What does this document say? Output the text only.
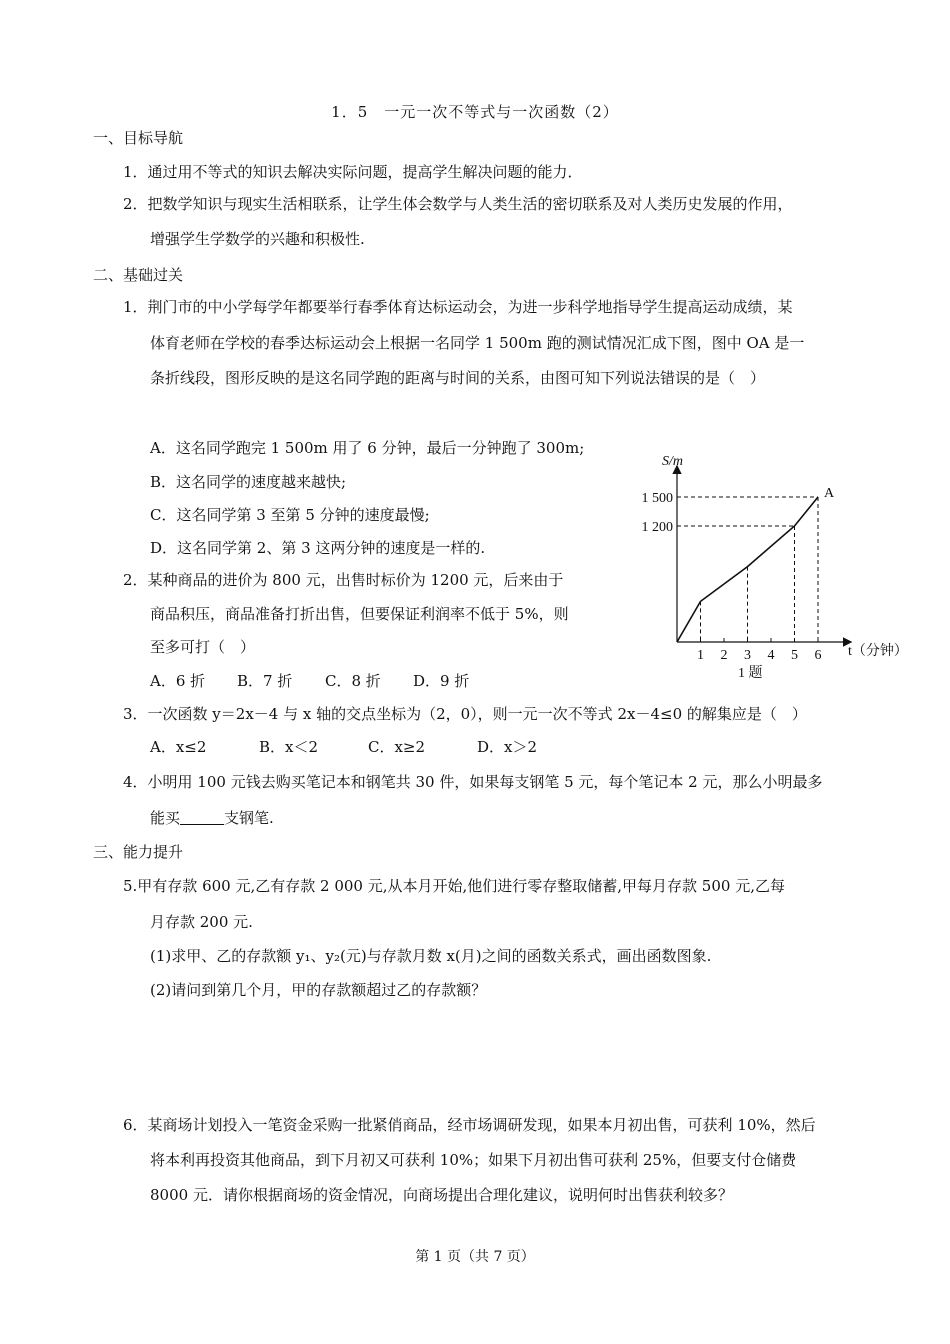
1．5　一元一次不等式与一次函数（2）
一、目标导航
1．通过用不等式的知识去解决实际问题，提高学生解决问题的能力．
2．把数学知识与现实生活相联系，让学生体会数学与人类生活的密切联系及对人类历史发展的作用，
增强学生学数学的兴趣和积极性.
二、基础过关
1．荆门市的中小学每学年都要举行春季体育达标运动会，为进一步科学地指导学生提高运动成绩，某
体育老师在学校的春季达标运动会上根据一名同学 1 500m 跑的测试情况汇成下图，图中 OA 是一
条折线段，图形反映的是这名同学跑的距离与时间的关系，由图可知下列说法错误的是（　）
A．这名同学跑完 1 500m 用了 6 分钟，最后一分钟跑了 300m;
B．这名同学的速度越来越快;
C．这名同学第 3 至第 5 分钟的速度最慢;
D．这名同学第 2、第 3 这两分钟的速度是一样的.
2．某种商品的进价为 800 元，出售时标价为 1200 元，后来由于
商品积压，商品准备打折出售，但要保证利润率不低于 5%，则
至多可打（　）
A．6 折 B．7 折 C．8 折 D．9 折
3．一次函数 y＝2x－4 与 x 轴的交点坐标为（2，0），则一元一次不等式 2x－4≤0 的解集应是（　）
A．x≤2	B．x＜2	C．x≥2	D．x＞2
4．小明用 100 元钱去购买笔记本和钢笔共 30 件，如果每支钢笔 5 元，每个笔记本 2 元，那么小明最多
能买	支钢笔.
三、能力提升
5.甲有存款 600 元,乙有存款 2 000 元,从本月开始,他们进行零存整取储蓄,甲每月存款 500 元,乙每
月存款 200 元.
(1)求甲、乙的存款额 y₁、y₂(元)与存款月数 x(月)之间的函数关系式，画出函数图象.
(2)请问到第几个月，甲的存款额超过乙的存款额？
6．某商场计划投入一笔资金采购一批紧俏商品，经市场调研发现，如果本月初出售，可获利 10%，然后
将本利再投资其他商品，到下月初又可获利 10%；如果下月初出售可获利 25%，但要支付仓储费
8000 元．请你根据商场的资金情况，向商场提出合理化建议，说明何时出售获利较多？
第 1 页（共 7 页）
S/m
t（分钟）
1 题
A
1 200
1 500
1 2 3 4 5 6
